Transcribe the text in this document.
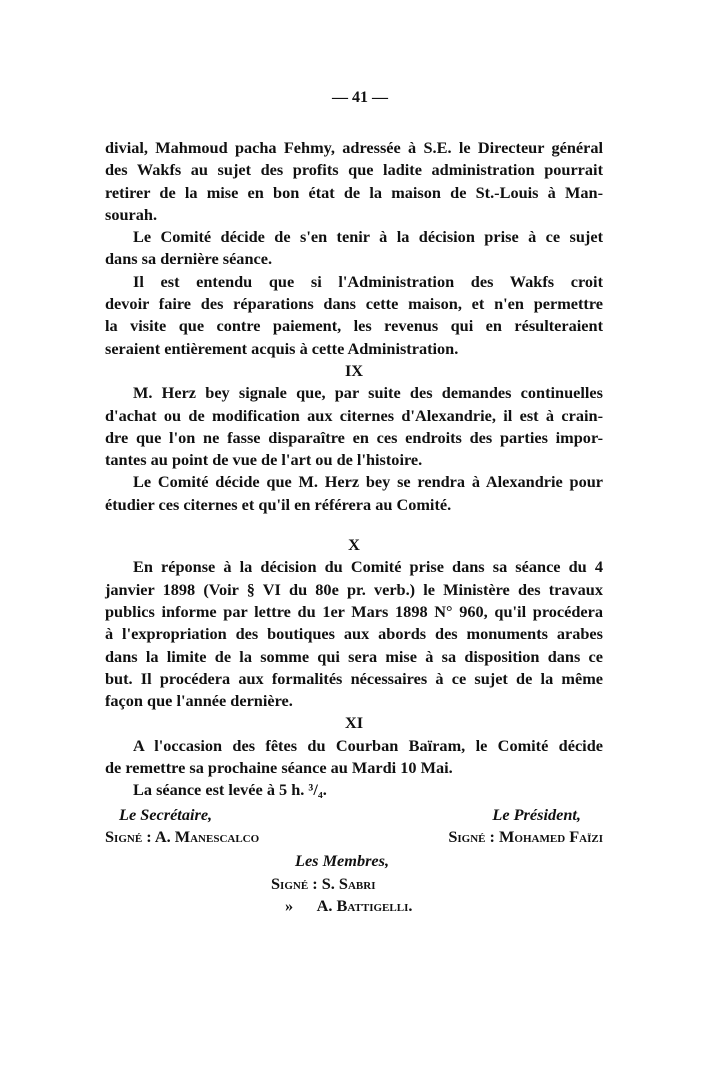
— 41 —
divial, Mahmoud pacha Fehmy, adressée à S.E. le Directeur général
des Wakfs au sujet des profits que ladite administration pourrait
retirer de la mise en bon état de la maison de St.-Louis à Man-
sourah.
Le Comité décide de s'en tenir à la décision prise à ce sujet
dans sa dernière séance.
Il est entendu que si l'Administration des Wakfs croit
devoir faire des réparations dans cette maison, et n'en permettre
la visite que contre paiement, les revenus qui en résulteraient
seraient entièrement acquis à cette Administration.
IX
M. Herz bey signale que, par suite des demandes continuelles
d'achat ou de modification aux citernes d'Alexandrie, il est à crain-
dre que l'on ne fasse disparaître en ces endroits des parties impor-
tantes au point de vue de l'art ou de l'histoire.
Le Comité décide que M. Herz bey se rendra à Alexandrie pour
étudier ces citernes et qu'il en référera au Comité.
X
En réponse à la décision du Comité prise dans sa séance du 4
janvier 1898 (Voir § VI du 80e pr. verb.) le Ministère des travaux
publics informe par lettre du 1er Mars 1898 N° 960, qu'il procédera
à l'expropriation des boutiques aux abords des monuments arabes
dans la limite de la somme qui sera mise à sa disposition dans ce
but. Il procédera aux formalités nécessaires à ce sujet de la même
façon que l'année dernière.
XI
A l'occasion des fêtes du Courban Baïram, le Comité décide
de remettre sa prochaine séance au Mardi 10 Mai.
La séance est levée à 5 h. ³/₄.
Le Secrétaire,	Le Président,
Signé : A. Manescalco	Signé : Mohamed Faïzi
Les Membres,
Signé : S. Sabri
»      A. Battigelli.
